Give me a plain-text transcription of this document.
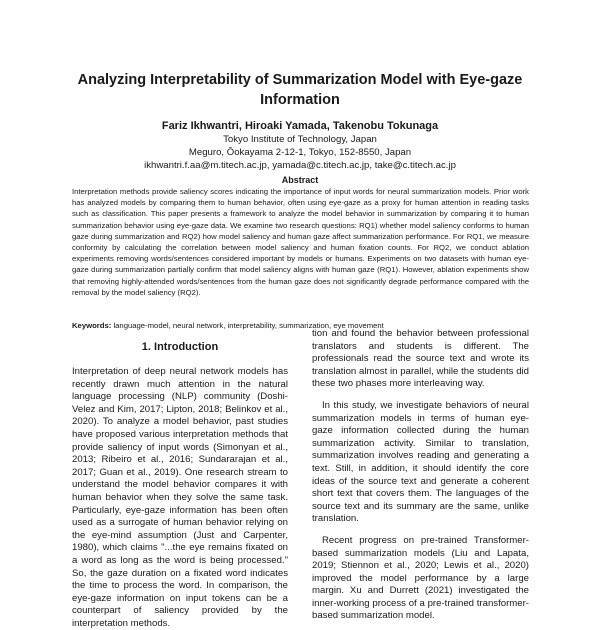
Analyzing Interpretability of Summarization Model with Eye-gaze Information
Fariz Ikhwantri, Hiroaki Yamada, Takenobu Tokunaga
Tokyo Institute of Technology, Japan
Meguro, Ōokayama 2-12-1, Tokyo, 152-8550, Japan
ikhwantri.f.aa@m.titech.ac.jp, yamada@c.titech.ac.jp, take@c.titech.ac.jp
Abstract
Interpretation methods provide saliency scores indicating the importance of input words for neural summarization models. Prior work has analyzed models by comparing them to human behavior, often using eye-gaze as a proxy for human attention in reading tasks such as classification. This paper presents a framework to analyze the model behavior in summarization by comparing it to human summarization behavior using eye-gaze data. We examine two research questions: RQ1) whether model saliency conforms to human gaze during summarization and RQ2) how model saliency and human gaze affect summarization performance. For RQ1, we measure conformity by calculating the correlation between model saliency and human fixation counts. For RQ2, we conduct ablation experiments removing words/sentences considered important by models or humans. Experiments on two datasets with human eye-gaze during summarization partially confirm that model saliency aligns with human gaze (RQ1). However, ablation experiments show that removing highly-attended words/sentences from the human gaze does not significantly degrade performance compared with the removal by the model saliency (RQ2).
Keywords: language-model, neural network, interpretability, summarization, eye movement
1. Introduction

Interpretation of deep neural network models has recently drawn much attention in the natural language processing (NLP) community (Doshi-Velez and Kim, 2017; Lipton, 2018; Belinkov et al., 2020). To analyze a model behavior, past studies have proposed various interpretation methods that provide saliency of input words (Simonyan et al., 2013; Ribeiro et al., 2016; Sundararajan et al., 2017; Guan et al., 2019). One research stream to understand the model behavior compares it with human behavior when they solve the same task. Particularly, eye-gaze information has been often used as a surrogate of human behavior relying on the eye-mind assumption (Just and Carpenter, 1980), which claims "...the eye remains fixated on a word as long as the word is being processed." So, the gaze duration on a fixated word indicates the time to process the word. In comparison, the eye-gaze information on input tokens can be a counterpart of saliency provided by the interpretation methods.

tion and found the behavior between professional translators and students is different. The professionals read the source text and wrote its translation almost in parallel, while the students did these two phases more interleaving way.

In this study, we investigate behaviors of neural summarization models in terms of human eye-gaze information collected during the human summarization activity. Similar to translation, summarization involves reading and generating a text. Still, in addition, it should identify the core ideas of the source text and generate a coherent short text that covers them. The languages of the source text and its summary are the same, unlike translation.

Recent progress on pre-trained Transformer-based summarization models (Liu and Lapata, 2019; Stiennon et al., 2020; Lewis et al., 2020) improved the model performance by a large margin. Xu and Durrett (2021) investigated the inner-working process of a pre-trained transformer-based summarization model.
